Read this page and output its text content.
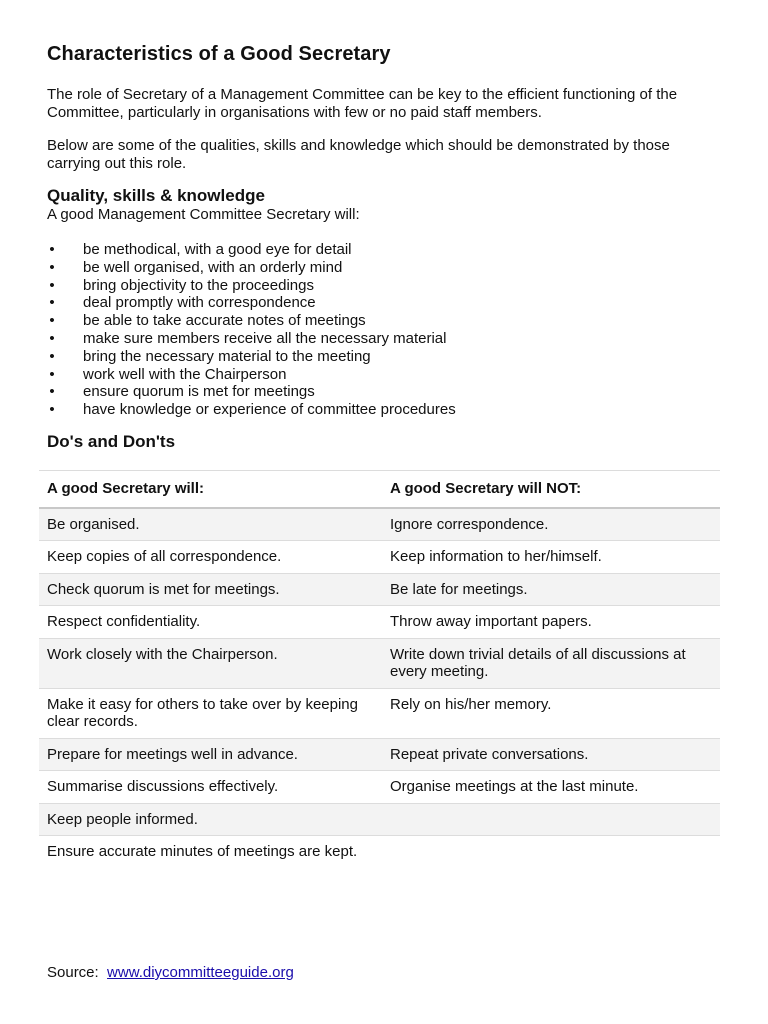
Characteristics of a Good Secretary

The role of Secretary of a Management Committee can be key to the efficient functioning of the Committee, particularly in organisations with few or no paid staff members.

Below are some of the qualities, skills and knowledge which should be demonstrated by those carrying out this role.

Quality, skills & knowledge

A good Management Committee Secretary will:

• be methodical, with a good eye for detail
• be well organised, with an orderly mind
• bring objectivity to the proceedings
• deal promptly with correspondence
• be able to take accurate notes of meetings
• make sure members receive all the necessary material
• bring the necessary material to the meeting
• work well with the Chairperson
• ensure quorum is met for meetings
• have knowledge or experience of committee procedures
Do's and Don'ts
A good Secretary will:	A good Secretary will NOT:
Be organised.	Ignore correspondence.
Keep copies of all correspondence.	Keep information to her/himself.
Check quorum is met for meetings.	Be late for meetings.
Respect confidentiality.	Throw away important papers.
Work closely with the Chairperson.	Write down trivial details of all discussions at every meeting.
Make it easy for others to take over by keeping clear records.	Rely on his/her memory.
Prepare for meetings well in advance.	Repeat private conversations.
Summarise discussions effectively.	Organise meetings at the last minute.
Keep people informed.	
Ensure accurate minutes of meetings are kept.	
Source: www.diycommitteeguide.org
